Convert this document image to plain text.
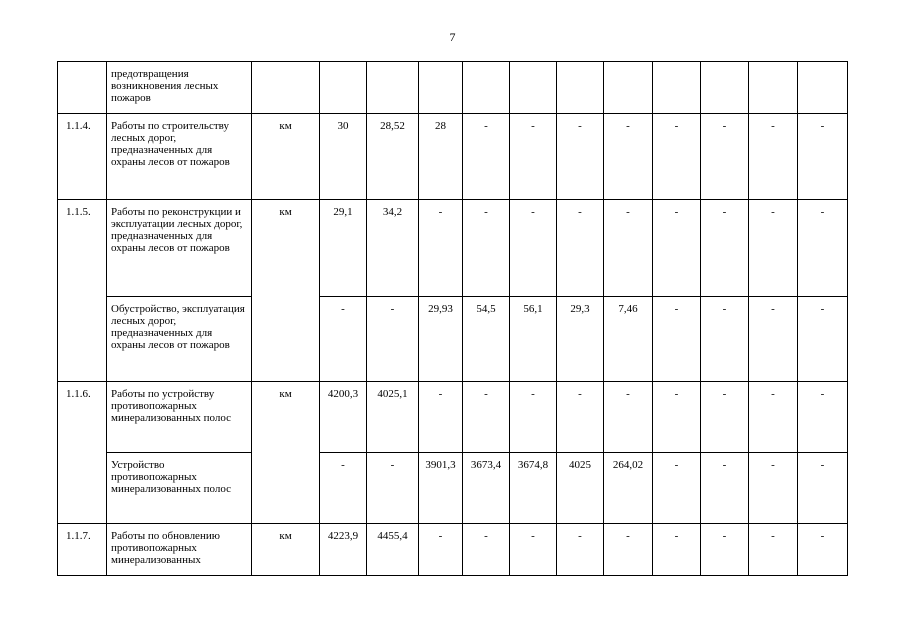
7
	предотвращения возникновения лесных пожаров												
1.1.4.	Работы по строительству лесных дорог, предназначенных для охраны лесов от пожаров	км	30	28,52	28	-	-	-	-	-	-	-	-
1.1.5.	Работы по реконструкции и эксплуатации лесных дорог, предназначенных для охраны лесов от пожаров	км	29,1	34,2	-	-	-	-	-	-	-	-	-
	Обустройство, эксплуатация лесных дорог, предназначенных для охраны лесов от пожаров		-	-	29,93	54,5	56,1	29,3	7,46	-	-	-	-
1.1.6.	Работы по устройству противопожарных минерализованных полос	км	4200,3	4025,1	-	-	-	-	-	-	-	-	-
	Устройство противопожарных минерализованных полос		-	-	3901,3	3673,4	3674,8	4025	264,02	-	-	-	-
1.1.7.	Работы по обновлению противопожарных минерализованных	км	4223,9	4455,4	-	-	-	-	-	-	-	-	-
